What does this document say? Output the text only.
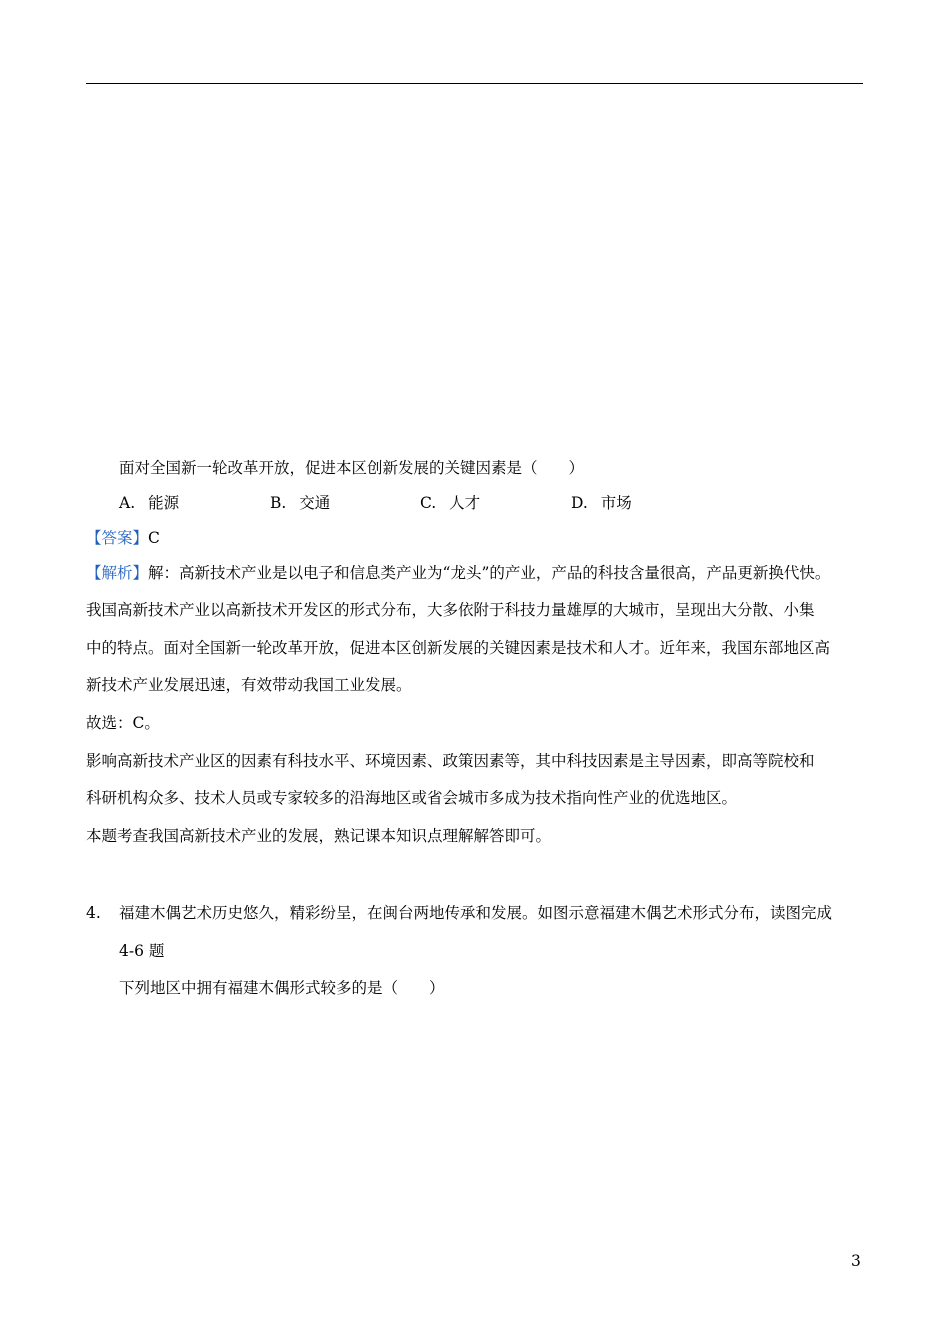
面对全国新一轮改革开放，促进本区创新发展的关键因素是（　　）
A. 能源	B. 交通	C. 人才	D. 市场
【答案】C
【解析】解：高新技术产业是以电子和信息类产业为“龙头”的产业，产品的科技含量很高，产品更新换代快。
我国高新技术产业以高新技术开发区的形式分布，大多依附于科技力量雄厚的大城市，呈现出大分散、小集
中的特点。面对全国新一轮改革开放，促进本区创新发展的关键因素是技术和人才。近年来，我国东部地区高
新技术产业发展迅速，有效带动我国工业发展。
故选：C。
影响高新技术产业区的因素有科技水平、环境因素、政策因素等，其中科技因素是主导因素，即高等院校和
科研机构众多、技术人员或专家较多的沿海地区或省会城市多成为技术指向性产业的优选地区。
本题考查我国高新技术产业的发展，熟记课本知识点理解解答即可。
4. 福建木偶艺术历史悠久，精彩纷呈，在闽台两地传承和发展。如图示意福建木偶艺术形式分布，读图完成
4-6 题
下列地区中拥有福建木偶形式较多的是（　　）
3
